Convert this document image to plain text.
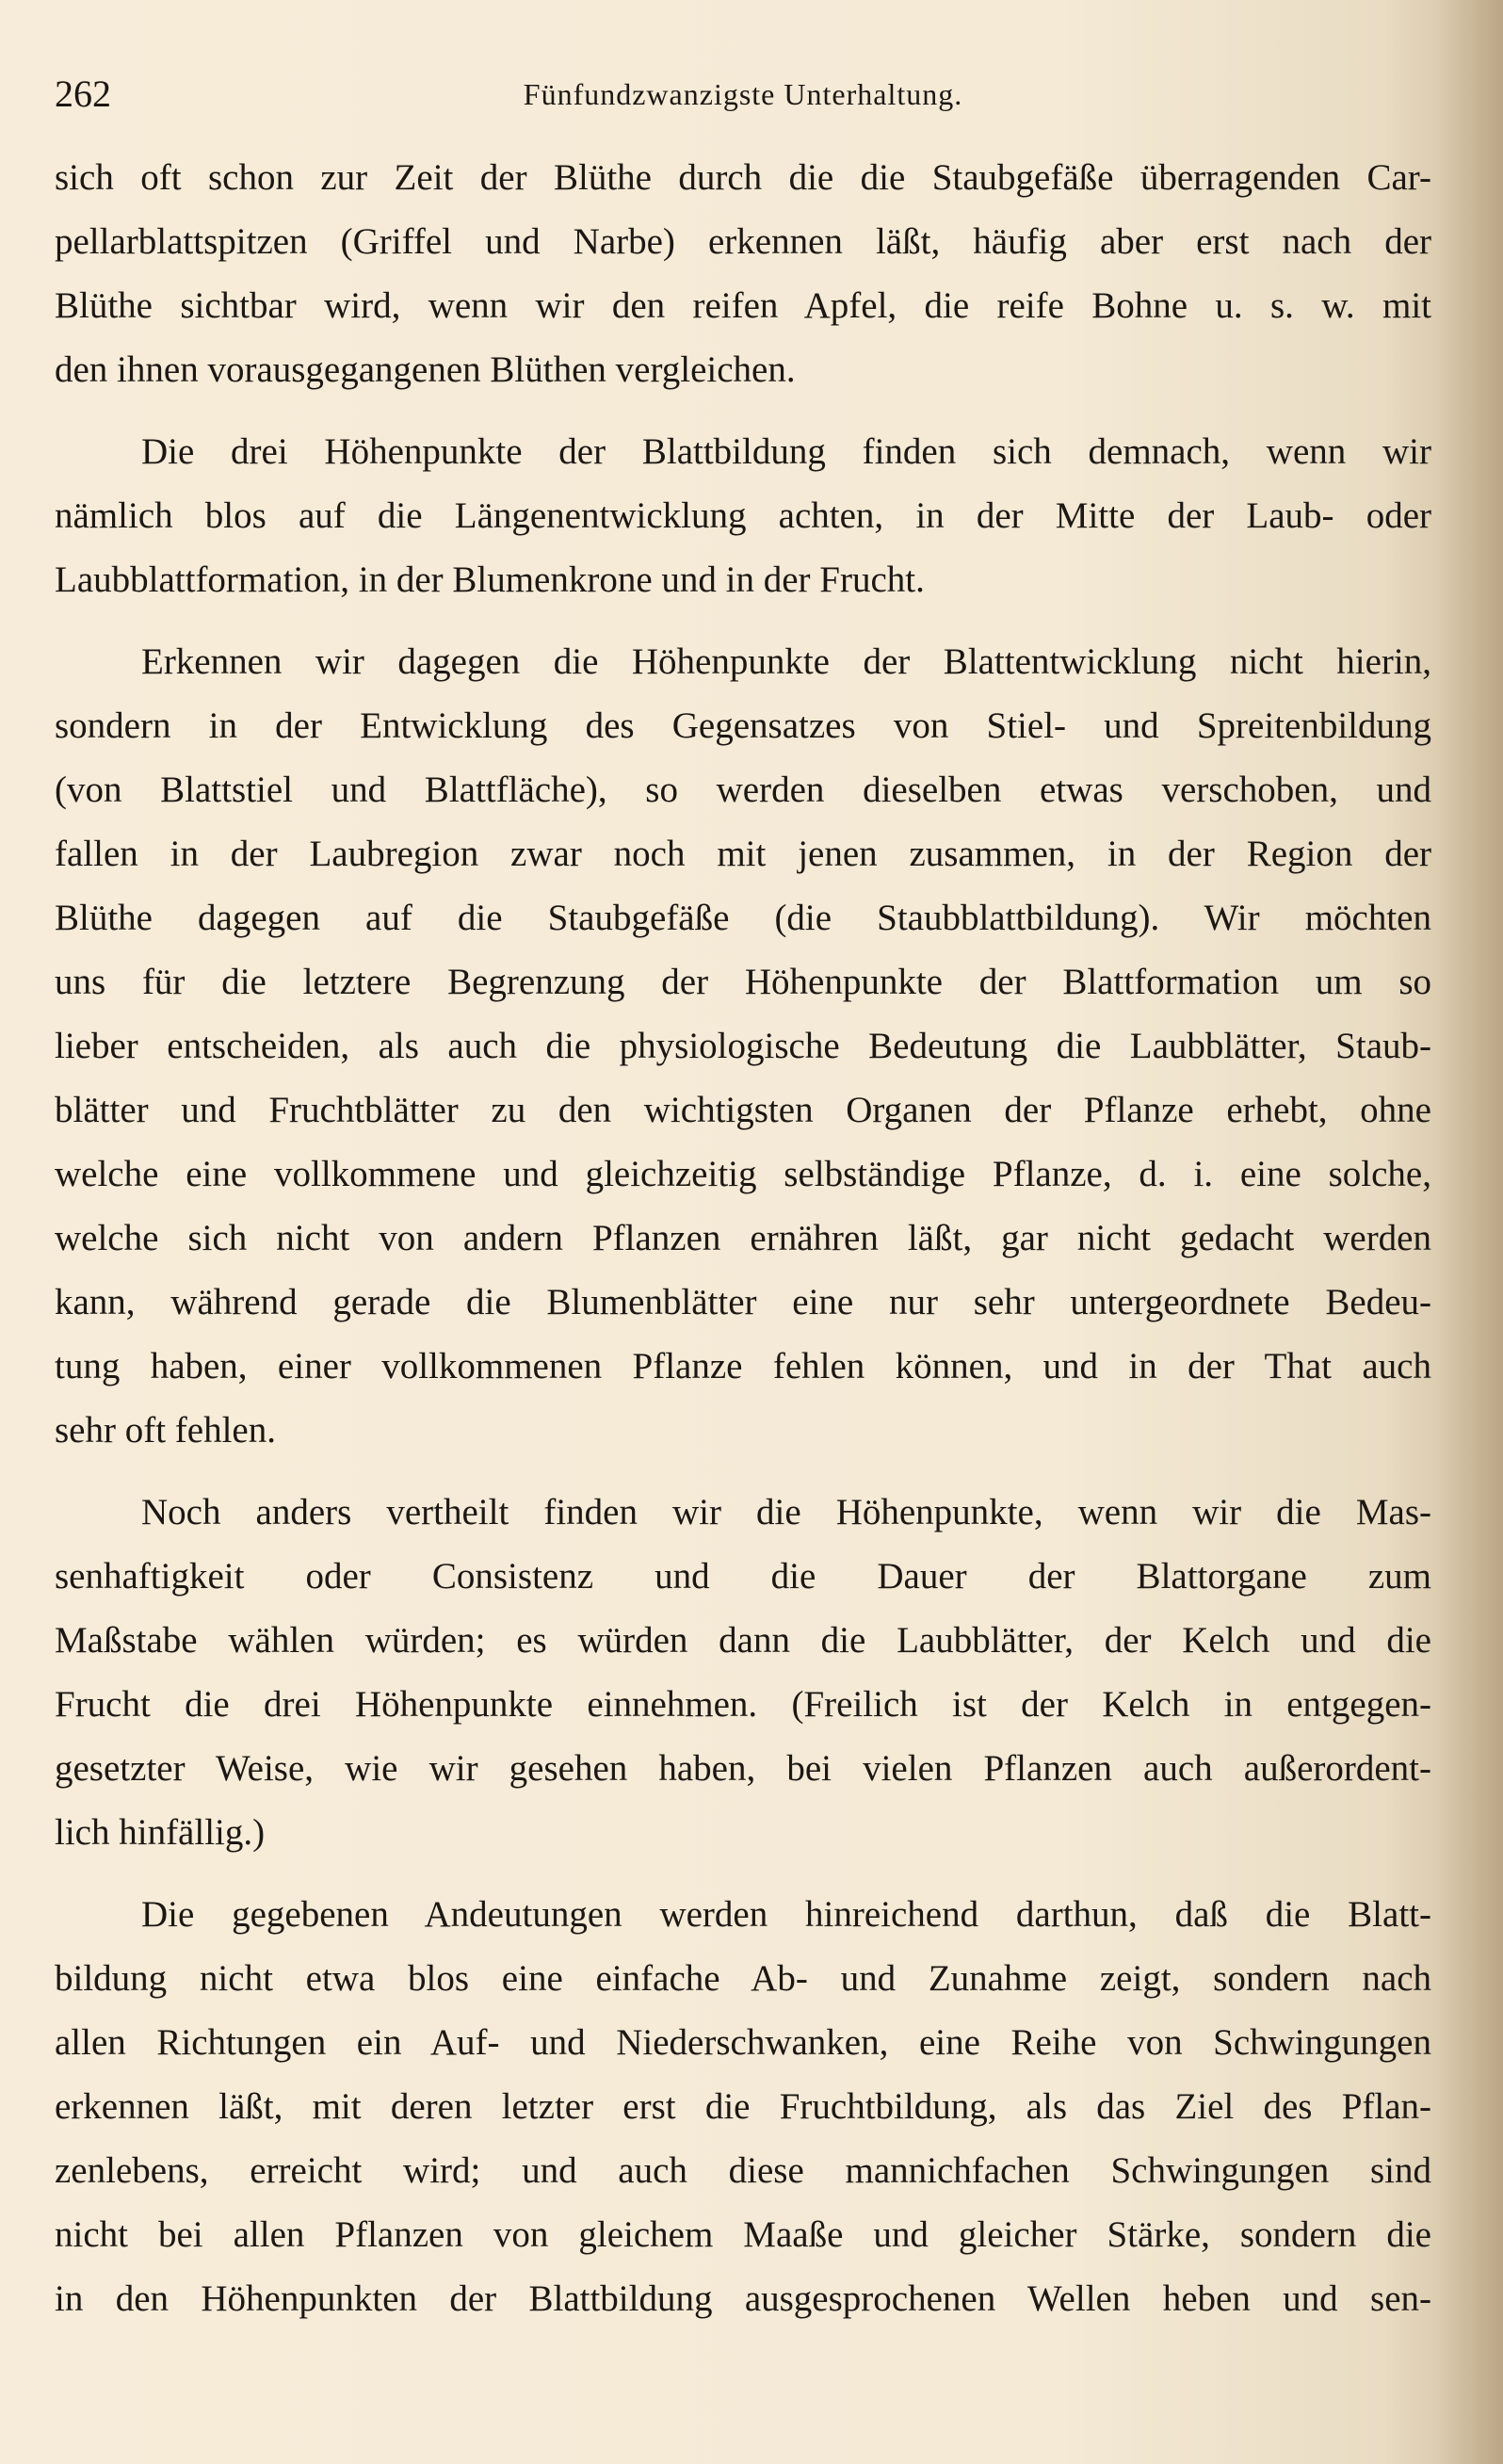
262	Fünfundzwanzigste Unterhaltung.
sich oft schon zur Zeit der Blüthe durch die die Staubgefäße überragenden Car-
pellarblattspitzen (Griffel und Narbe) erkennen läßt, häufig aber erst nach der
Blüthe sichtbar wird, wenn wir den reifen Apfel, die reife Bohne u. s. w. mit
den ihnen vorausgegangenen Blüthen vergleichen.
Die drei Höhenpunkte der Blattbildung finden sich demnach, wenn wir
nämlich blos auf die Längenentwicklung achten, in der Mitte der Laub- oder
Laubblattformation, in der Blumenkrone und in der Frucht.
Erkennen wir dagegen die Höhenpunkte der Blattentwicklung nicht hierin,
sondern in der Entwicklung des Gegensatzes von Stiel- und Spreitenbildung
(von Blattstiel und Blattfläche), so werden dieselben etwas verschoben, und
fallen in der Laubregion zwar noch mit jenen zusammen, in der Region der
Blüthe dagegen auf die Staubgefäße (die Staubblattbildung). Wir möchten
uns für die letztere Begrenzung der Höhenpunkte der Blattformation um so
lieber entscheiden, als auch die physiologische Bedeutung die Laubblätter, Staub-
blätter und Fruchtblätter zu den wichtigsten Organen der Pflanze erhebt, ohne
welche eine vollkommene und gleichzeitig selbständige Pflanze, d. i. eine solche,
welche sich nicht von andern Pflanzen ernähren läßt, gar nicht gedacht werden
kann, während gerade die Blumenblätter eine nur sehr untergeordnete Bedeu-
tung haben, einer vollkommenen Pflanze fehlen können, und in der That auch
sehr oft fehlen.
Noch anders vertheilt finden wir die Höhenpunkte, wenn wir die Mas-
senhaftigkeit oder Consistenz und die Dauer der Blattorgane zum
Maßstabe wählen würden; es würden dann die Laubblätter, der Kelch und die
Frucht die drei Höhenpunkte einnehmen. (Freilich ist der Kelch in entgegen-
gesetzter Weise, wie wir gesehen haben, bei vielen Pflanzen auch außerordent-
lich hinfällig.)
Die gegebenen Andeutungen werden hinreichend darthun, daß die Blatt-
bildung nicht etwa blos eine einfache Ab- und Zunahme zeigt, sondern nach
allen Richtungen ein Auf- und Niederschwanken, eine Reihe von Schwingungen
erkennen läßt, mit deren letzter erst die Fruchtbildung, als das Ziel des Pflan-
zenlebens, erreicht wird; und auch diese mannichfachen Schwingungen sind
nicht bei allen Pflanzen von gleichem Maaße und gleicher Stärke, sondern die
in den Höhenpunkten der Blattbildung ausgesprochenen Wellen heben und sen-
